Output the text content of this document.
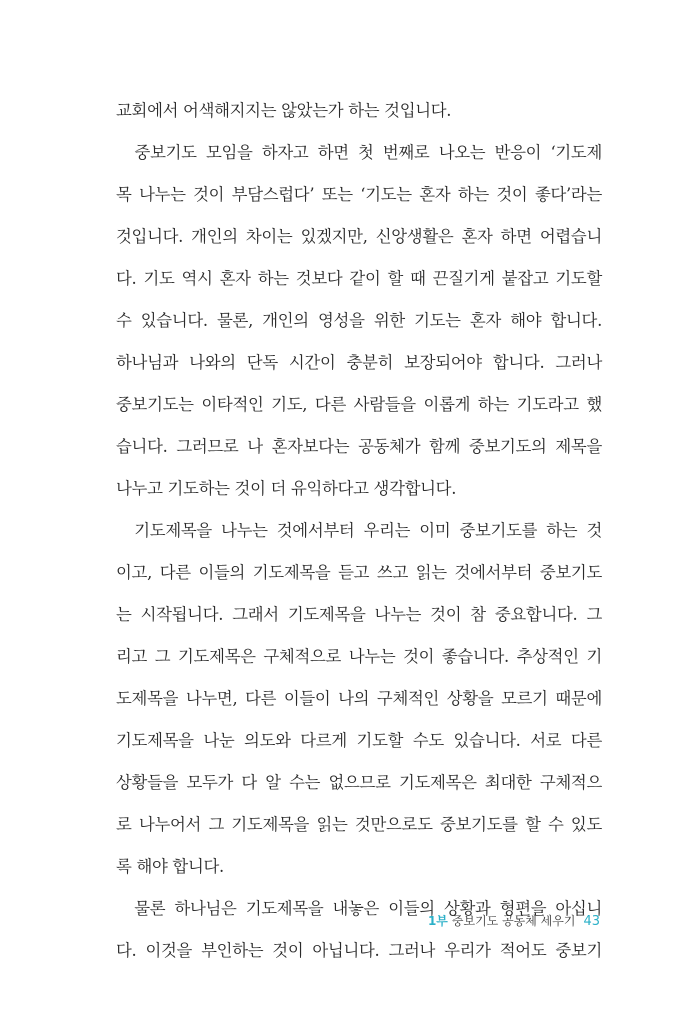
교회에서 어색해지지는 않았는가 하는 것입니다.
중보기도 모임을 하자고 하면 첫 번째로 나오는 반응이 ‘기도제
목 나누는 것이 부담스럽다’ 또는 ‘기도는 혼자 하는 것이 좋다’라는
것입니다. 개인의 차이는 있겠지만, 신앙생활은 혼자 하면 어렵습니
다. 기도 역시 혼자 하는 것보다 같이 할 때 끈질기게 붙잡고 기도할
수 있습니다. 물론, 개인의 영성을 위한 기도는 혼자 해야 합니다.
하나님과 나와의 단독 시간이 충분히 보장되어야 합니다. 그러나
중보기도는 이타적인 기도, 다른 사람들을 이롭게 하는 기도라고 했
습니다. 그러므로 나 혼자보다는 공동체가 함께 중보기도의 제목을
나누고 기도하는 것이 더 유익하다고 생각합니다.
기도제목을 나누는 것에서부터 우리는 이미 중보기도를 하는 것
이고, 다른 이들의 기도제목을 듣고 쓰고 읽는 것에서부터 중보기도
는 시작됩니다. 그래서 기도제목을 나누는 것이 참 중요합니다. 그
리고 그 기도제목은 구체적으로 나누는 것이 좋습니다. 추상적인 기
도제목을 나누면, 다른 이들이 나의 구체적인 상황을 모르기 때문에
기도제목을 나눈 의도와 다르게 기도할 수도 있습니다. 서로 다른
상황들을 모두가 다 알 수는 없으므로 기도제목은 최대한 구체적으
로 나누어서 그 기도제목을 읽는 것만으로도 중보기도를 할 수 있도
록 해야 합니다.
물론 하나님은 기도제목을 내놓은 이들의 상황과 형편을 아십니
다. 이것을 부인하는 것이 아닙니다. 그러나 우리가 적어도 중보기
1부 중보기도 공동체 세우기 43
